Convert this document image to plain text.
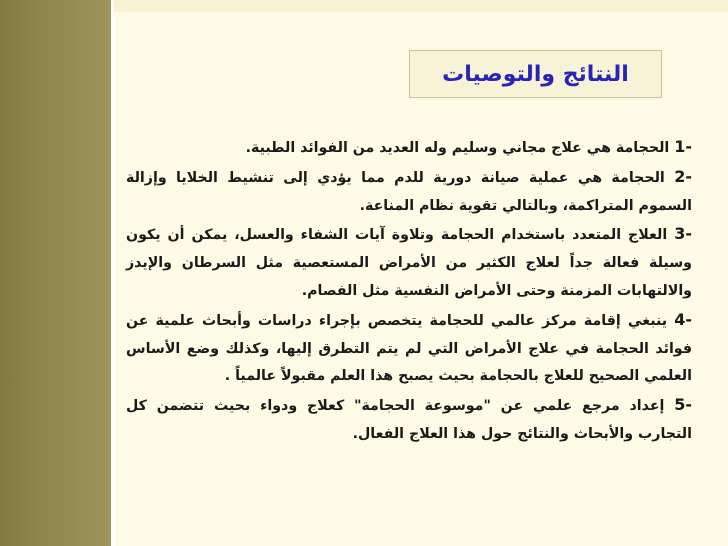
النتائج والتوصيات

1- الحجامة هي علاج مجاني وسليم وله العديد من الفوائد الطبية.

2- الحجامة هي عملية صيانة دورية للدم مما يؤدي إلى تنشيط الخلايا وإزالة السموم المتراكمة، وبالتالي تقوية نظام المناعة.

3- العلاج المتعدد باستخدام الحجامة وتلاوة آيات الشفاء والعسل، يمكن أن يكون وسيلة فعالة جداً لعلاج الكثير من الأمراض المستعصية مثل السرطان والإيدز والالتهابات المزمنة وحتى الأمراض النفسية مثل الفصام.

4- ينبغي إقامة مركز عالمي للحجامة يتخصص بإجراء دراسات وأبحاث علمية عن فوائد الحجامة في علاج الأمراض التي لم يتم التطرق إليها، وكذلك وضع الأساس العلمي الصحيح للعلاج بالحجامة بحيث يصبح هذا العلم مقبولاً عالمياً .

5- إعداد مرجع علمي عن "موسوعة الحجامة" كعلاج ودواء بحيث تتضمن كل التجارب والأبحاث والنتائج حول هذا العلاج الفعال.
